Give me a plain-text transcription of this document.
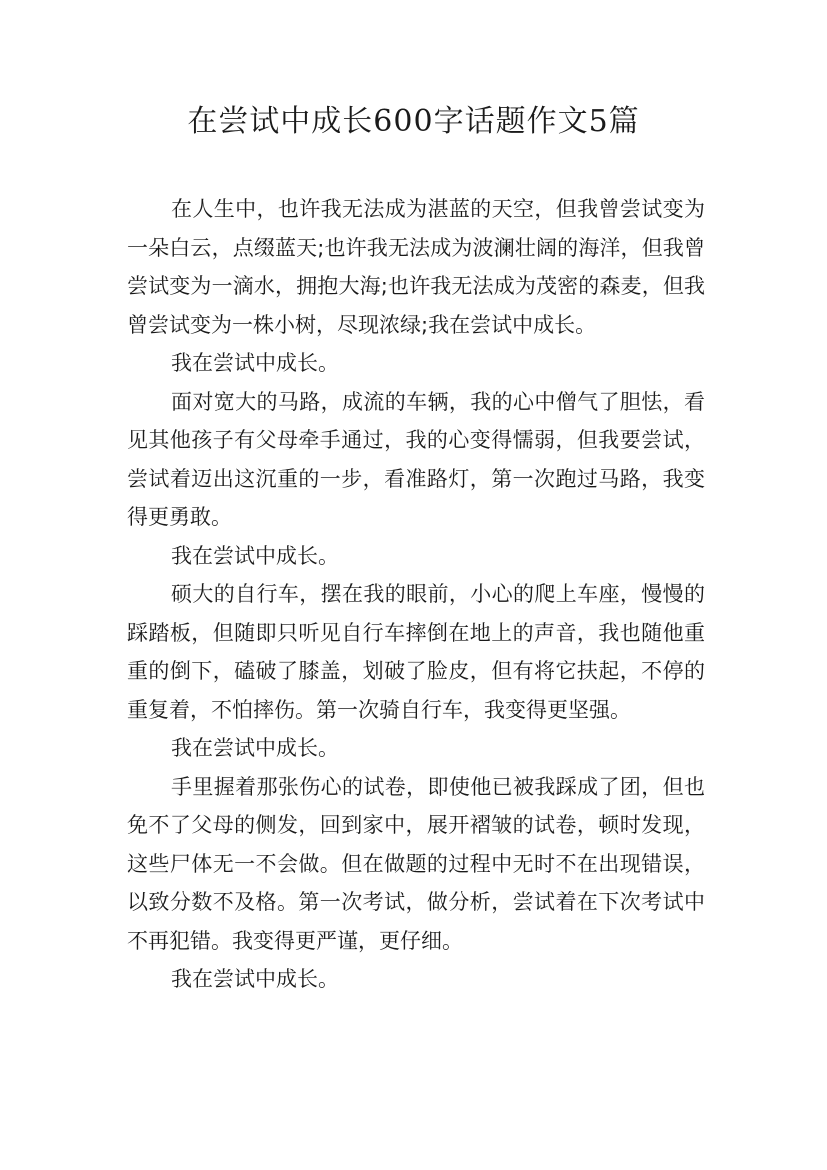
在尝试中成长600字话题作文5篇

在人生中，也许我无法成为湛蓝的天空，但我曾尝试变为一朵白云，点缀蓝天;也许我无法成为波澜壮阔的海洋，但我曾尝试变为一滴水，拥抱大海;也许我无法成为茂密的森麦，但我曾尝试变为一株小树，尽现浓绿;我在尝试中成长。

我在尝试中成长。

面对宽大的马路，成流的车辆，我的心中僧气了胆怯，看见其他孩子有父母牵手通过，我的心变得懦弱，但我要尝试，尝试着迈出这沉重的一步，看准路灯，第一次跑过马路，我变得更勇敢。

我在尝试中成长。

硕大的自行车，摆在我的眼前，小心的爬上车座，慢慢的踩踏板，但随即只听见自行车摔倒在地上的声音，我也随他重重的倒下，磕破了膝盖，划破了脸皮，但有将它扶起，不停的重复着，不怕摔伤。第一次骑自行车，我变得更坚强。

我在尝试中成长。

手里握着那张伤心的试卷，即使他已被我踩成了团，但也免不了父母的侧发，回到家中，展开褶皱的试卷，顿时发现，这些尸体无一不会做。但在做题的过程中无时不在出现错误，以致分数不及格。第一次考试，做分析，尝试着在下次考试中不再犯错。我变得更严谨，更仔细。

我在尝试中成长。
